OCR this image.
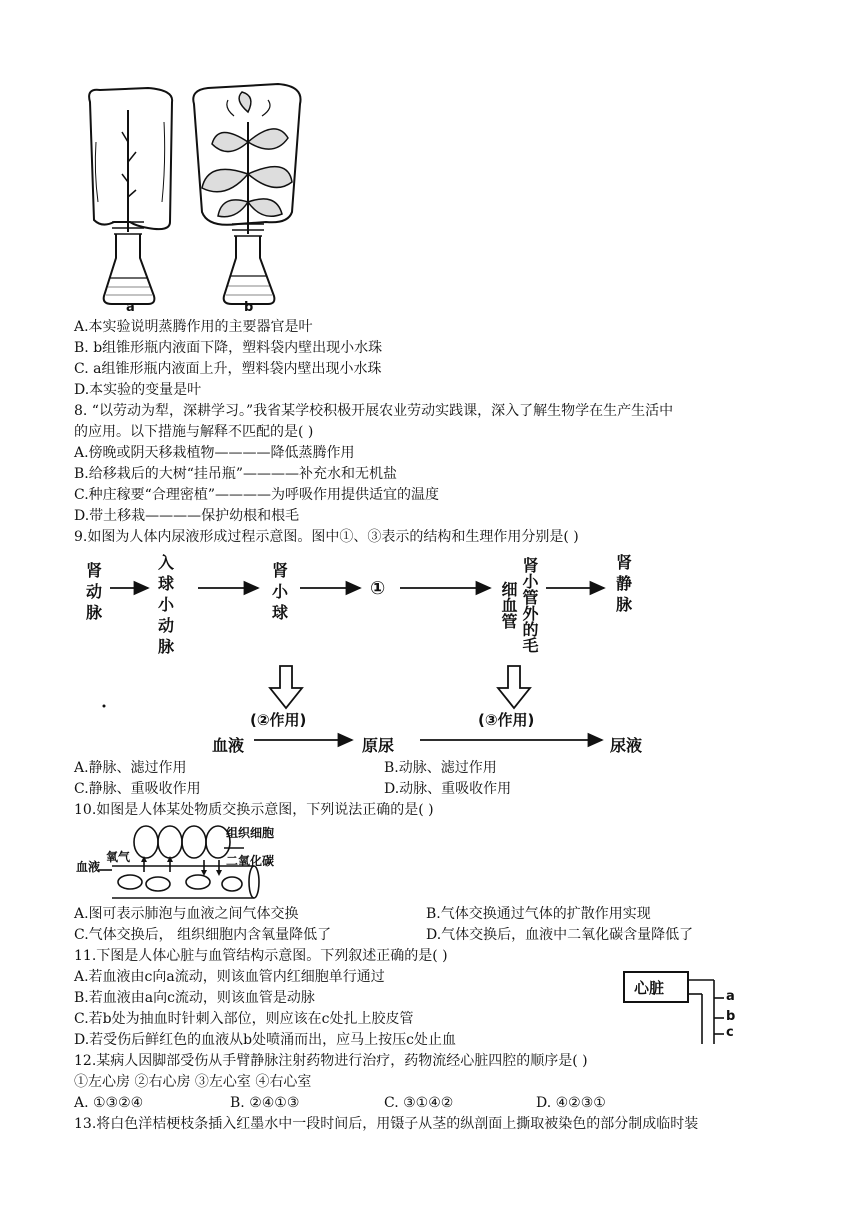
a	b
A.本实验说明蒸腾作用的主要器官是叶
B. b组锥形瓶内液面下降，塑料袋内壁出现小水珠
C. a组锥形瓶内液面上升，塑料袋内壁出现小水珠
D.本实验的变量是叶
8. “以劳动为犁，深耕学习。”我省某学校积极开展农业劳动实践课，深入了解生物学在生产生活中
的应用。以下措施与解释不匹配的是( )
A.傍晚或阴天移栽植物————降低蒸腾作用
B.给移栽后的大树“挂吊瓶”————补充水和无机盐
C.种庄稼要“合理密植”————为呼吸作用提供适宜的温度
D.带土移栽————保护幼根和根毛
9.如图为人体内尿液形成过程示意图。图中①、③表示的结构和生理作用分别是( )
肾动脉
入球小动脉
肾小球
①	肾小管外的毛细血管
肾静脉
(②作用)	(③作用)
血液	原尿	尿液
A.静脉、滤过作用	B.动脉、滤过作用
C.静脉、重吸收作用	D.动脉、重吸收作用
10.如图是人体某处物质交换示意图，下列说法正确的是( )
组织细胞
氧气	二氧化碳
血液
A.图可表示肺泡与血液之间气体交换	B.气体交换通过气体的扩散作用实现
C.气体交换后， 组织细胞内含氧量降低了	D.气体交换后，血液中二氧化碳含量降低了
11.下图是人体心脏与血管结构示意图。下列叙述正确的是( )
A.若血液由c向a流动，则该血管内红细胞单行通过
B.若血液由a向c流动，则该血管是动脉
C.若b处为抽血时针刺入部位，则应该在c处扎上胶皮管
D.若受伤后鲜红色的血液从b处喷涌而出，应马上按压c处止血
心脏	a
b
c
12.某病人因脚部受伤从手臂静脉注射药物进行治疗，药物流经心脏四腔的顺序是( )
①左心房 ②右心房 ③左心室 ④右心室
A. ①③②④	B. ②④①③	C. ③①④②	D. ④②③①
13.将白色洋桔梗枝条插入红墨水中一段时间后，用镊子从茎的纵剖面上撕取被染色的部分制成临时装
